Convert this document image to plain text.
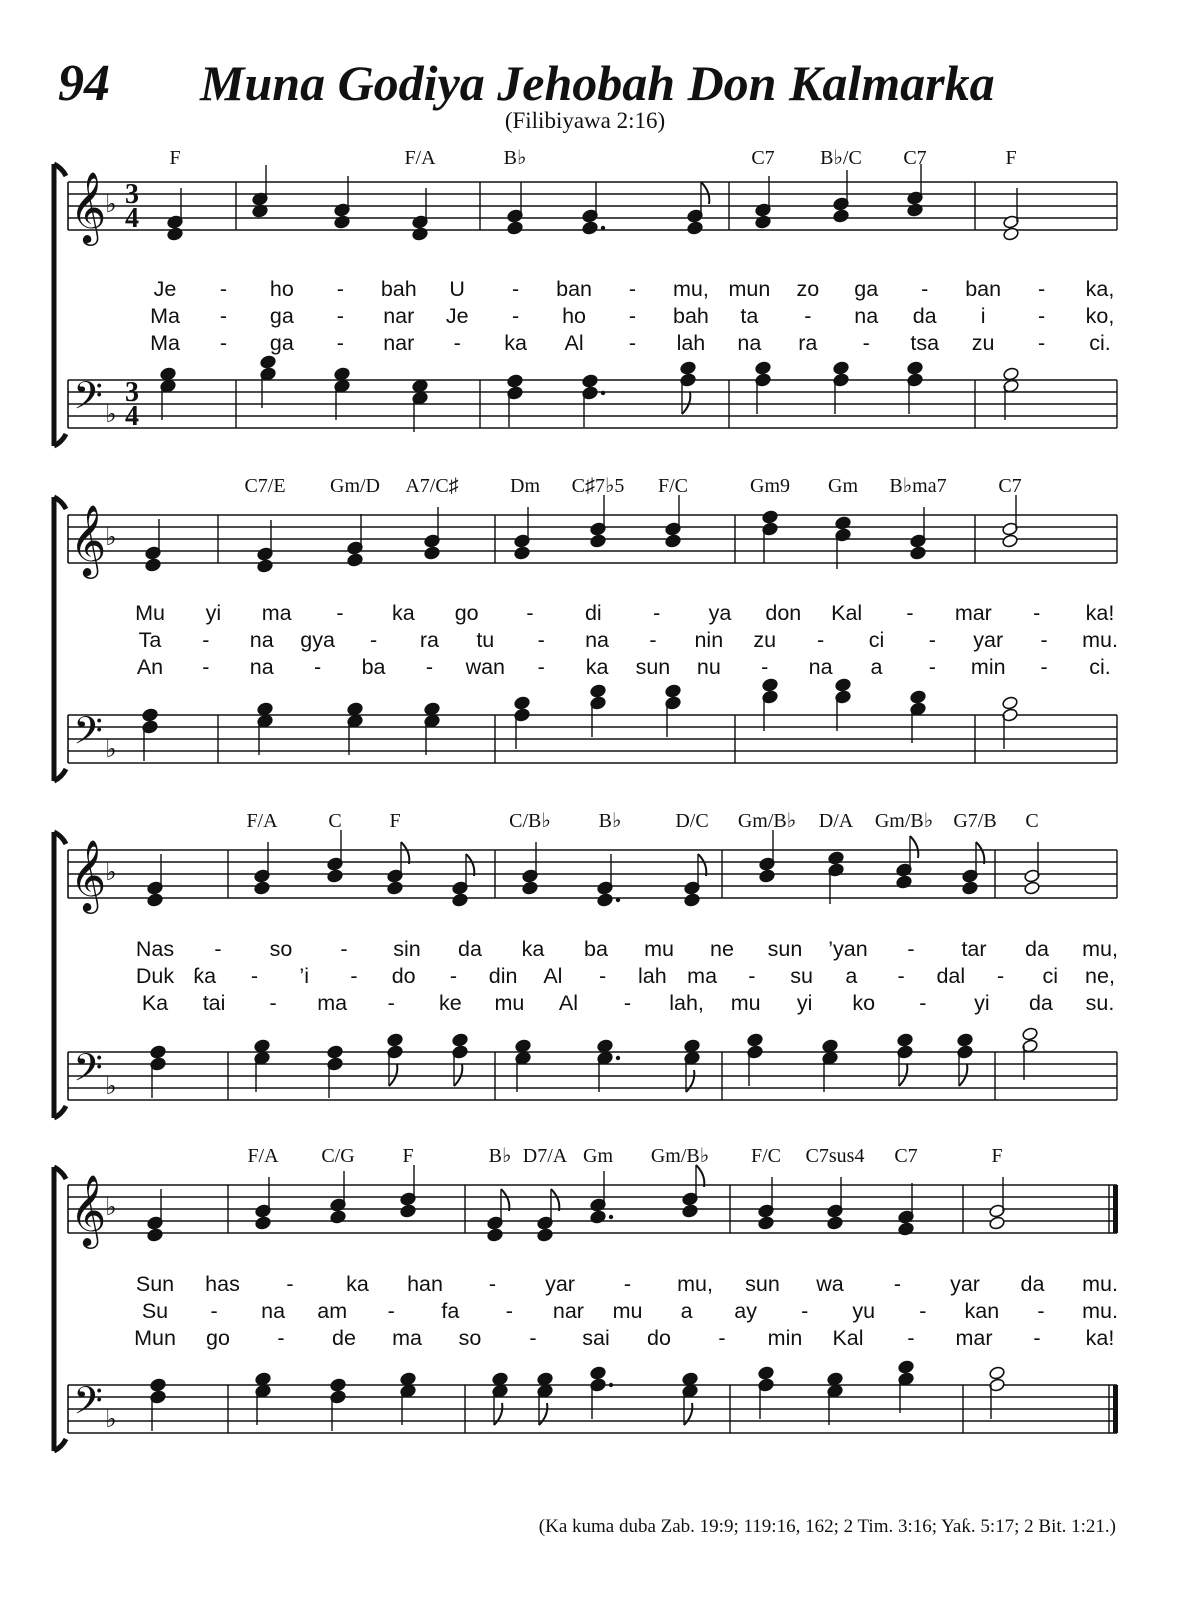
94 Muna Godiya Jehobah Don Kalmarka
(Filibiyawa 2:16)
𝄞 ♭ 3
4
𝄢 ♭
3
4
F	F/A	B♭	C7 B♭/C C7	F
Je - ho - bah U - ban - mu, mun zo ga - ban - ka,
Ma - ga - nar Je - ho - bah ta - na da i - ko,
Ma - ga - nar - ka Al - lah na ra - tsa zu - ci.
𝄞 ♭
𝄢 ♭
C7/E Gm/D A7/C♯	Dm C♯7♭5 F/C	Gm9 Gm B♭ma7	C7
Mu yi ma - ka go - di - ya don Kal - mar - ka!
Ta - na gya - ra tu - na - nin zu - ci - yar - mu.
An - na - ba - wan - ka sun nu - na a - min - ci.
𝄞 ♭
𝄢 ♭
F/A	C F	C/B♭ B♭	D/C Gm/B♭ D/A Gm/B♭ G7/B C
Nas - so - sin da ka ba mu ne sun ’yan - tar da mu,
Duk ƙa - ’i - do - din Al - lah ma - su a - dal - ci ne,
Ka tai - ma - ke mu Al - lah, mu yi ko - yi da su.
𝄞 ♭
𝄢 ♭
F/A C/G F	B♭ D7/A Gm Gm/B♭ F/C C7sus4 C7	F
Sun has - ka han - yar - mu, sun wa - yar da mu.
Su - na am - fa - nar mu a ay - yu - kan - mu.
Mun go - de ma so - sai do - min Kal - mar - ka!
(Ka kuma duba Zab. 19:9; 119:16, 162; 2 Tim. 3:16; Yaƙ. 5:17; 2 Bit. 1:21.)
